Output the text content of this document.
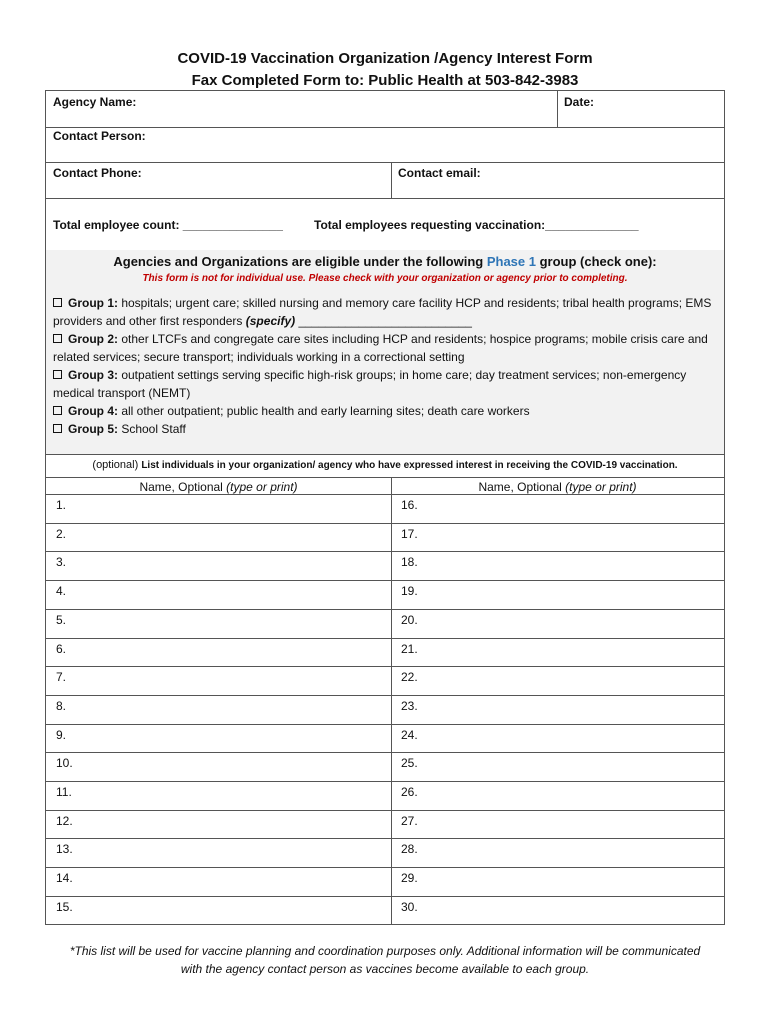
COVID-19 Vaccination Organization /Agency Interest Form
Fax Completed Form to: Public Health at 503-842-3983
Agency Name:	Date:
Contact Person:
Contact Phone:	Contact email:
Total employee count: _______________	Total employees requesting vaccination:______________
Agencies and Organizations are eligible under the following Phase 1 group (check one):
This form is not for individual use. Please check with your organization or agency prior to completing.
Group 1: hospitals; urgent care; skilled nursing and memory care facility HCP and residents; tribal health programs; EMS providers and other first responders (specify) __________________________
Group 2: other LTCFs and congregate care sites including HCP and residents; hospice programs; mobile crisis care and related services; secure transport; individuals working in a correctional setting
Group 3: outpatient settings serving specific high-risk groups; in home care; day treatment services; non-emergency medical transport (NEMT)
Group 4: all other outpatient; public health and early learning sites; death care workers
Group 5: School Staff
(optional) List individuals in your organization/ agency who have expressed interest in receiving the COVID-19 vaccination.
Name, Optional (type or print)	Name, Optional (type or print)
1.	16.
2.	17.
3.	18.
4.	19.
5.	20.
6.	21.
7.	22.
8.	23.
9.	24.
10.	25.
11.	26.
12.	27.
13.	28.
14.	29.
15.	30.
*This list will be used for vaccine planning and coordination purposes only. Additional information will be communicated
with the agency contact person as vaccines become available to each group.
